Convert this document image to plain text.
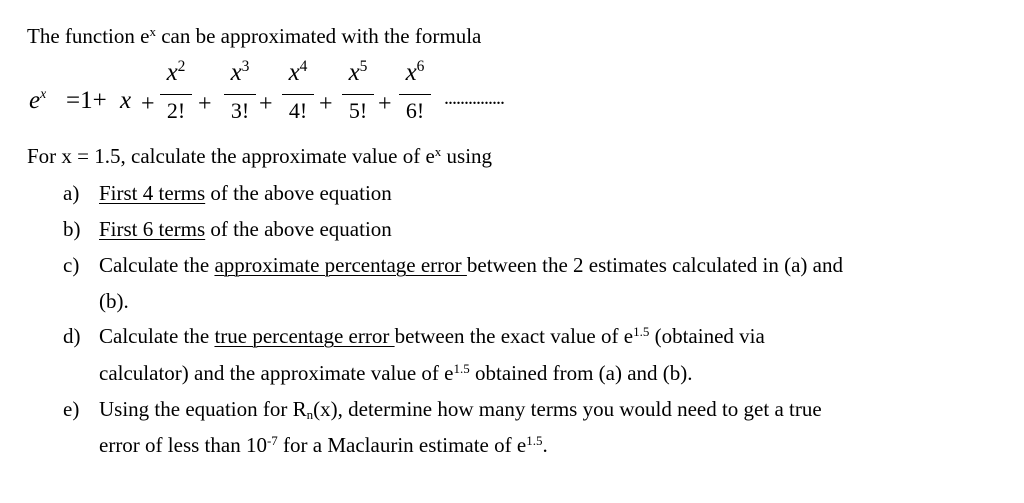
The function $e^x$ can be approximated with the formula
$e^x =1+ x$ +
$x^2$
2! +
$x^3$
3! +
$x^4$
4! +
$x^5$
5! +
$x^6$
6! ...............
For x = 1.5, calculate the approximate value of $e^x$ using
a) First 4 terms of the above equation
b) First 6 terms of the above equation
c) Calculate the approximate percentage error between the 2 estimates calculated in (a) and
(b).
d) Calculate the true percentage error between the exact value of $e^{1.5}$ (obtained via
calculator) and the approximate value of $e^{1.5}$ obtained from (a) and (b).
e) Using the equation for $R_n(x)$, determine how many terms you would need to get a true
error of less than $10^{-7}$ for a Maclaurin estimate of $e^{1.5}$.
